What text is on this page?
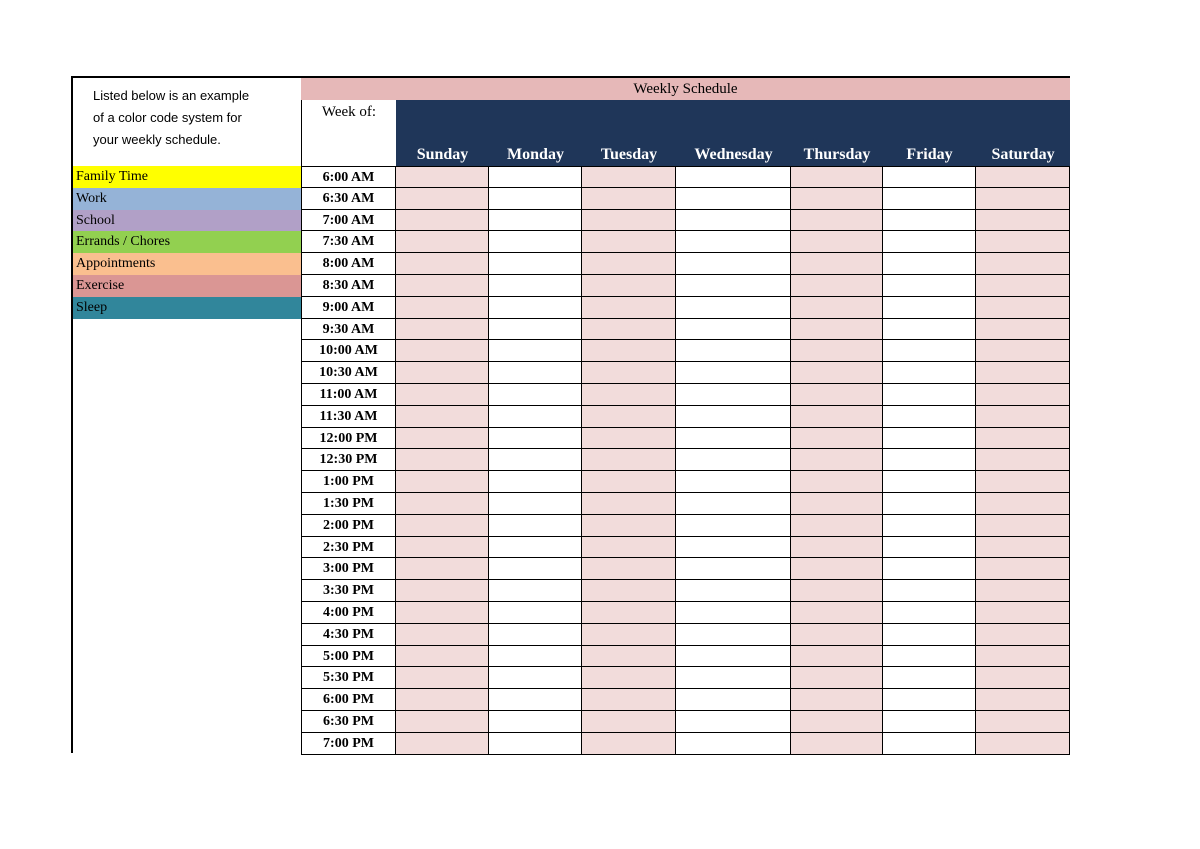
Listed below is an example
of a color code system for
your weekly schedule.
Family Time
Work
School
Errands / Chores
Appointments
Exercise
Sleep
Weekly Schedule
Week of:
Sunday	Monday	Tuesday	Wednesday	Thursday	Friday	Saturday
6:00 AM
6:30 AM
7:00 AM
7:30 AM
8:00 AM
8:30 AM
9:00 AM
9:30 AM
10:00 AM
10:30 AM
11:00 AM
11:30 AM
12:00 PM
12:30 PM
1:00 PM
1:30 PM
2:00 PM
2:30 PM
3:00 PM
3:30 PM
4:00 PM
4:30 PM
5:00 PM
5:30 PM
6:00 PM
6:30 PM
7:00 PM
